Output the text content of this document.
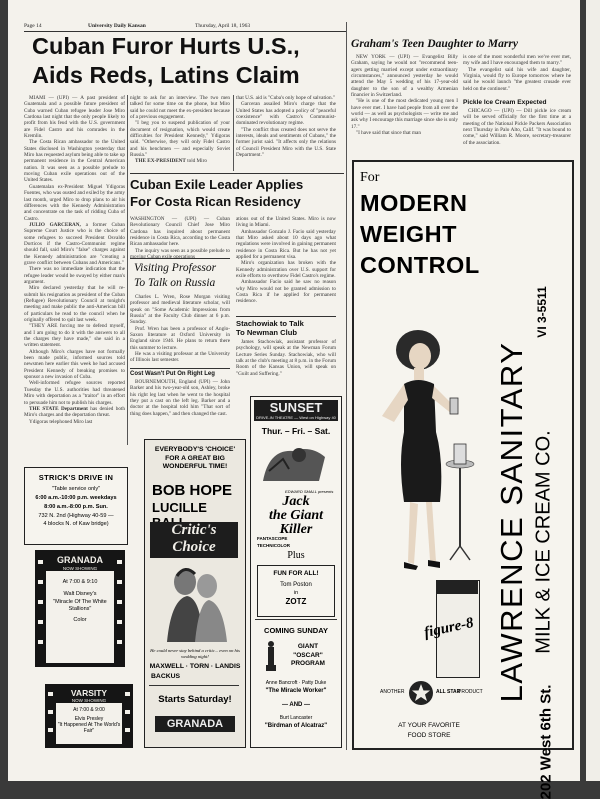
Page 14	University Daily Kansan	Thursday, April 18, 1963
Cuban Furor Hurts U.S.,
Aids Reds, Latins Claim

MIAMI — (UPI) — A past president of Guatemala and a possible future president of Cuba warned Cuban refugee leader Jose Miro Cardona last night that the only people likely to profit from his feud with the U.S. government are Fidel Castro and his comrades in the Kremlin.

The Costa Rican ambassador to the United States disclosed in Washington yesterday that Miro has requested asylum being able to take up permanent residence in the Central American nation. It was seen as a possible prelude to moving Cuban exile operations out of the United States.

Guatemalan ex-President Miguel Ydigoras Fuentes, who was ousted and exiled by the army last month, urged Miro to drop plans to air his differences with the Kennedy Administration and concentrate on the task of ridding Cuba of Castro.

JULIO GARCERAN, a former Cuban Supreme Court Justice who is the choice of some refugees to succeed President Osvaldo Dorticos if the Castro-Communist regime should fall, said Miro's "false" charges against the Kennedy administration are "creating a grave conflict between Cubans and Americans."

There was no immediate indication that the refugee leader would be swayed by either man's argument.

Miro declared yesterday that he will re-submit his resignation as president of the Cuban (Refugee) Revolutionary Council at tonight's meeting and make public the anti-American bill of particulars he read to the council when he originally offered to quit last week.

"THEY ARE forcing me to defend myself, and I am going to do it with the answers to all the charges they have made," she said in a written statement.

Although Miro's charges have not formally been made public, informed sources told newsmen here earlier this week he had accused President Kennedy of breaking promises to sponsor a new invasion of Cuba.

Well-informed refugee sources reported Tuesday the U.S. authorities had threatened Miro with deportation as a "traitor" in an effort to persuade him not to publish his charges.

THE STATE Department has denied both Miro's charges and the deportation threat.

Ydigoras telephoned Miro last

night to ask for an interview. The two men talked for some time on the phone, but Miro said he could not meet the ex-president because of a previous engagement.

"I beg you to suspend publication of your document of resignation, which would create difficulties for President Kennedy," Ydigoras said. "Otherwise, they will only Fidel Castro and his henchmen — and especially Soviet Russia."

THE EX-PRESIDENT told Miro

that U.S. aid is "Cuba's only hope of salvation."

Garceran assailed Miro's charge that the United States has adopted a policy of "peaceful coexistence" with Castro's Communist-dominated revolutionary regime.

"The conflict thus created does not serve the interests, ideals and sentiments of Cubans," the former jurist said. "It affects only the relations of Council President Miro with the U.S. State Department."

Cuban Exile Leader Applies
For Costa Rican Residency

WASHINGTON — (UPI) — Cuban Revolutionary Council Chief Jose Miro Cardona has inquired about permanent residence in Costa Rica, according to the Costa Rican ambassador here.

The inquiry was seen as a possible prelude to

ations out of the United States. Miro is now living in Miami.

Ambassador Gonzalo J. Facio said yesterday that Miro asked about 10 days ago what regulations were involved in gaining permanent residence in Costa Rica. But he has not yet applied for a permanent visa.

Miro's organization has broken with the Kennedy administration over U.S. support for exile efforts to overthrow Fidel Castro's regime.

Ambassador Facio said he saw no reason why Miro would not be granted admission to Costa Rica if he applied for permanent residence.

Visiting Professor
To Talk on Russia

Charles L. Wren, Rose Morgan visiting professor and medieval literature scholar, will speak on "Some Academic Impressions from Russia" at the Faculty Club dinner at 6 p.m. Sunday.

Prof. Wren has been a professor of Anglo-Saxon literature at Oxford University in England since 1946. He plans to return there this summer to lecture.

He was a visiting professor at the University of Illinois last semester.

Cost Wasn't Put On Right Leg

BOURNEMOUTH, England (UPI) — John Barker and his two-year-old son, Ashley, broke his right leg last when he went to the hospital they put a cast on the left leg. Barker and a doctor at the hospital told him "That sort of thing does happen," and then changed the cast.

Stachowiak to Talk
To Newman Club

James Stachowiak, assistant professor of psychology, will speak at the Newman Forum Lecture Series Sunday. Stachowiak, who will talk at the club's meeting at 8 p.m. in the Forum Room of the Kansas Union, will speak on "Guilt and Suffering."

Graham's Teen Daughter to Marry

NEW YORK — (UPI) — Evangelist Billy Graham, saying he would not "recommend teen-agers getting married except under extraordinary circumstances," announced yesterday he would attend the May 5 wedding of his 17-year-old daughter to the son of a wealthy Armenian financier in Switzerland.

"He is one of the most dedicated young men I have ever met. I have had people from all over the world — as well as psychologists — write me and ask why I encourage this marriage since she is only 17."

"I have said that since that man

is one of the most wonderful men we've ever met, my wife and I have encouraged them to marry."

The evangelist said his wife and daughter, Virginia, would fly to Europe tomorrow where he said he would launch "the greatest crusade ever held on the continent."

Pickle Ice Cream Expected

CHICAGO — (UPI) — Dill pickle ice cream will be served officially for the first time at a meeting of the National Pickle Packers Association next Thursday in Palo Alto, Calif. "It was bound to come," said William R. Moore, secretary-treasurer of the association.

STRICK'S DRIVE IN
"Table service only"
6:00 a.m.-10:00 p.m. weekdays
8:00 a.m.-8:00 p.m. Sun.
732 N. 2nd (Highway 40-59 —
4 blocks N. of Kaw bridge)
GRANADA
NOW SHOWING
At 7:00 & 9:10
Walt Disney's
"Miracle Of The White Stallions"
Color
VARSITY
NOW SHOWING
At 7:00 & 9:00
Elvis Presley
"It Happened At The World's Fair"
EVERYBODY'S 'CHOICE'
FOR A GREAT BIG
WONDERFUL TIME!
BOB HOPE
LUCILLE
Critic's
Choice
He could never stay behind a critic... even on his wedding night!
MAXWELL · TORN · LANDIS
BACKUS
Starts Saturday!
GRANADA
SUNSET
DRIVE-IN THEATRE — West on Highway 40
Thur. – Fri. – Sat.
EDWARD SMALL presents
Jack
the Giant
Killer
FANTASCOPE
TECHNICOLOR
Plus
FUN FOR ALL!
Tom Poston
in
ZOTZ
COMING SUNDAY
GIANT
"OSCAR"
PROGRAM
Anne Bancroft · Patty Duke
"The Miracle Worker"
— AND —
Burt Lancaster
"Birdman of Alcatraz"
For
MODERN
WEIGHT
CONTROL
figure-8
ANOTHER	ALL STAR
PRODUCT
AT YOUR FAVORITE
FOOD STORE
VI 3-5511
LAWRENCE SANITARY MILK & ICE CREAM CO.
202 West 6th St.
